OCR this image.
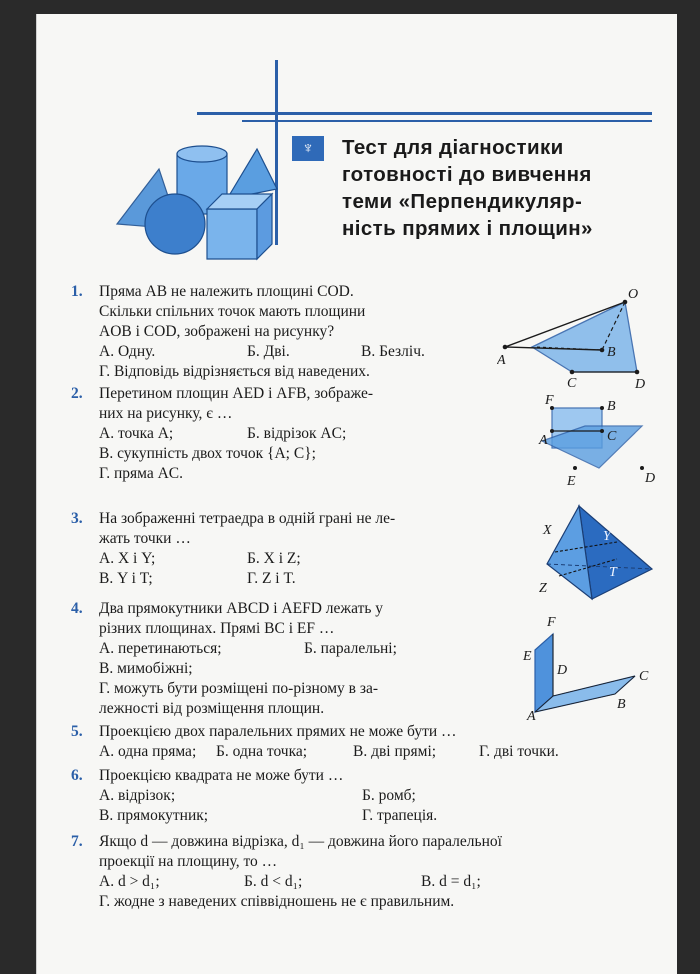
♆	Тест для діагностики
готовності до вивчення
теми «Перпендикуляр-
ність прямих і площин»
1. Пряма AB не належить площині COD.
Скільки спільних точок мають площини
AOB і COD, зображені на рисунку?
А. Одну.	Б. Дві.	В. Безліч.
Г. Відповідь відрізняється від наведених.
2. Перетином площин AED і AFB, зображе-
них на рисунку, є …
А. точка A;	Б. відрізок AC;
В. сукупність двох точок {A; C};
Г. пряма AC.
3. На зображенні тетраедра в одній грані не ле-
жать точки …
А. X і Y;	Б. X і Z;
В. Y і T;	Г. Z і T.
4. Два прямокутники ABCD і AEFD лежать у
різних площинах. Прямі BC і EF …
А. перетинаються;	Б. паралельні;
В. мимобіжні;
Г. можуть бути розміщені по-різному в за-
лежності від розміщення площин.
5. Проекцією двох паралельних прямих не може бути …
А. одна пряма; Б. одна точка;	В. дві прямі;	Г. дві точки.
6. Проекцією квадрата не може бути …
А. відрізок;	Б. ромб;
В. прямокутник;	Г. трапеція.
7. Якщо d — довжина відрізка, d₁ — довжина його паралельної
проекції на площину, то …
А. d > d₁;	Б. d < d₁;	В. d = d₁;
Г. жодне з наведених співвідношень не є правильним.
O
A
B
C	D
F	B
A	C
E	D
X	Y
T
Z
F
E
D	C
A
B
